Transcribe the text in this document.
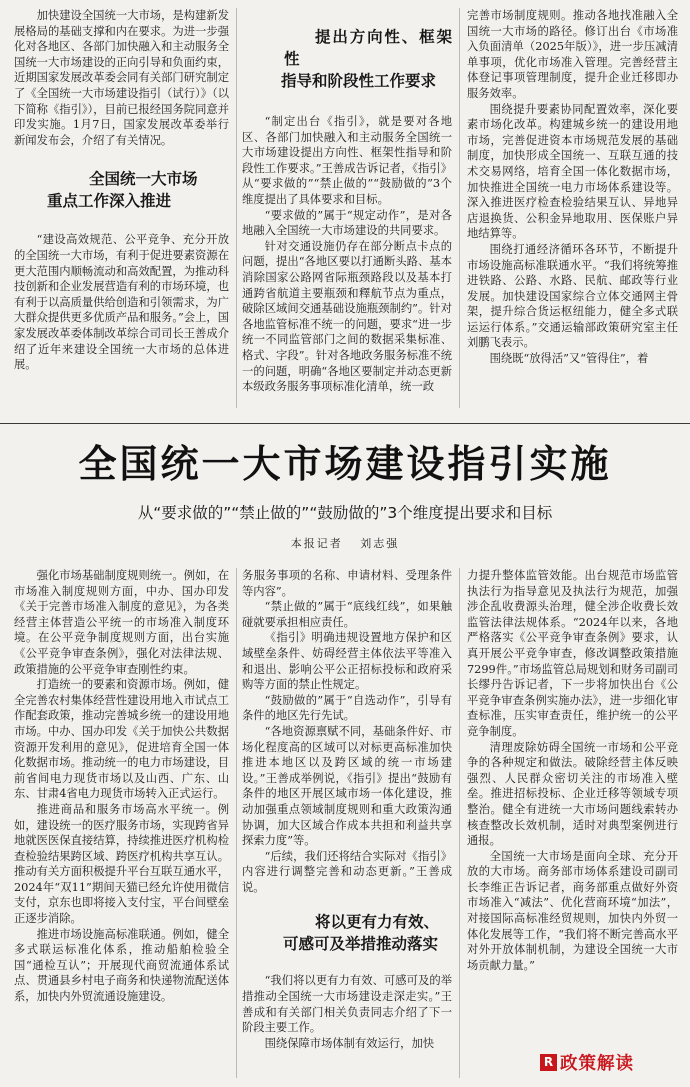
加快建设全国统一大市场，是构建新发展格局的基础支撑和内在要求。为进一步强化对各地区、各部门加快融入和主动服务全国统一大市场建设的正向引导和负面约束，近期国家发展改革委会同有关部门研究制定了《全国统一大市场建设指引（试行）》（以下简称《指引》），目前已报经国务院同意并印发实施。1月7日，国家发展改革委举行新闻发布会，介绍了有关情况。

全国统一大市场

重点工作深入推进

“建设高效规范、公平竞争、充分开放的全国统一大市场，有利于促进要素资源在更大范围内顺畅流动和高效配置，为推动科技创新和企业发展营造有利的市场环境，也有利于以高质量供给创造和引领需求，为广大群众提供更多优质产品和服务。”会上，国家发展改革委体制改革综合司司长王善成介绍了近年来建设全国统一大市场的总体进展。

提出方向性、框架性

指导和阶段性工作要求

“制定出台《指引》，就是要对各地区、各部门加快融入和主动服务全国统一大市场建设提出方向性、框架性指导和阶段性工作要求。”王善成告诉记者，《指引》从“要求做的”“禁止做的”“鼓励做的”3个维度提出了具体要求和目标。

“要求做的”属于“规定动作”，是对各地融入全国统一大市场建设的共同要求。

针对交通设施仍存在部分断点卡点的问题，提出“各地区要以打通断头路、基本消除国家公路网省际瓶颈路段以及基本打通跨省航道主要瓶颈和釋航节点为重点，破除区域间交通基础设施瓶颈制约”。针对各地监管标准不统一的问题，要求“进一步统一不同监管部门之间的数据采集标准、格式、字段”。针对各地政务服务标准不统一的问题，明确“各地区要制定并动态更新本级政务服务事项标准化清单，统一政

完善市场制度规则。推动各地找准融入全国统一大市场的路径。修订出台《市场准入负面清单（2025年版）》，进一步压减清单事项，优化市场准入管理。完善经营主体登记事项管理制度，提升企业迁移即办服务效率。

围绕提升要素协同配置效率，深化要素市场化改革。构建城乡统一的建设用地市场，完善促进资本市场规范发展的基础制度，加快形成全国统一、互联互通的技术交易网络，培育全国一体化数据市场，加快推进全国统一电力市场体系建设等。深入推进医疗检查检验结果互认、异地异店退换货、公积金异地取用、医保账户异地结算等。

围绕打通经济循环各环节，不断提升市场设施高标准联通水平。“我们将统筹推进铁路、公路、水路、民航、邮政等行业发展。加快建设国家综合立体交通网主骨架，提升综合货运枢纽能力，健全多式联运运行体系。”交通运输部政策研究室主任刘鹏飞表示。

围绕既“放得活”又“管得住”，着

全国统一大市场建设指引实施
从“要求做的”“禁止做的”“鼓励做的”3个维度提出要求和目标
本报记者 刘志强

强化市场基础制度规则统一。例如，在市场准入制度规则方面，中办、国办印发《关于完善市场准入制度的意见》，为各类经营主体营造公平统一的市场准入制度环境。在公平竞争制度规则方面，出台实施《公平竞争审查条例》，强化对法律法规、政策措施的公平竞争审查刚性约束。

打造统一的要素和资源市场。例如，健全完善农村集体经营性建设用地入市试点工作配套政策，推动完善城乡统一的建设用地市场。中办、国办印发《关于加快公共数据资源开发利用的意见》，促进培育全国一体化数据市场。推动统一的电力市场建设，目前省间电力现货市场以及山西、广东、山东、甘肃4省电力现货市场转入正式运行。

推进商品和服务市场高水平统一。例如，建设统一的医疗服务市场，实现跨省异地就医医保直接结算，持续推进医疗机构检查检验结果跨区域、跨医疗机构共享互认。推动有关方面积极提升平台互联互通水平，2024年“双11”期间天猫已经允许使用微信支付，京东也即将接入支付宝，平台间壁垒正逐步消除。

推进市场设施高标准联通。例如，健全多式联运标准化体系，推动船舶检验全国“通检互认”；开展现代商贸流通体系试点、贯通县乡村电子商务和快递物流配送体系，加快内外贸流通设施建设。

务服务事项的名称、申请材料、受理条件等内容”。

“禁止做的”属于“底线红线”，如果触碰就要承担相应责任。

《指引》明确违规设置地方保护和区域壁垒条件、妨碍经营主体依法平等准入和退出、影响公平公正招标投标和政府采购等方面的禁止性规定。

“鼓励做的”属于“自选动作”，引导有条件的地区先行先试。

“各地资源禀赋不同，基础条件好、市场化程度高的区域可以对标更高标准加快推进本地区以及跨区域的统一市场建设。”王善成举例说，《指引》提出“鼓励有条件的地区开展区域市场一体化建设，推动加强重点领域制度规则和重大政策沟通协调，加大区域合作成本共担和利益共享探索力度”等。

“后续，我们还将结合实际对《指引》内容进行调整完善和动态更新。”王善成说。

将以更有力有效、

可感可及举措推动落实

“我们将以更有力有效、可感可及的举措推动全国统一大市场建设走深走实。”王善成和有关部门相关负责同志介绍了下一阶段主要工作。

围绕保障市场体制有效运行，加快

力提升整体监管效能。出台规范市场监管执法行为指导意见及执法行为规范，加强涉企乱收费源头治理，健全涉企收费长效监管法律法规体系。“2024年以来，各地严格落实《公平竞争审查条例》要求，认真开展公平竞争审查，修改调整政策措施7299件。”市场监管总局规划和财务司副司长缪丹告诉记者，下一步将加快出台《公平竞争审查条例实施办法》，进一步细化审查标准，压实审查责任，维护统一的公平竞争制度。

清理废除妨碍全国统一市场和公平竞争的各种规定和做法。破除经营主体反映强烈、人民群众密切关注的市场准入壁垒。推进招标投标、企业迁移等领域专项整治。健全有进统一大市场问题线索转办核查整改长效机制，适时对典型案例进行通报。

全国统一大市场是面向全球、充分开放的大市场。商务部市场体系建设司副司长李维正告诉记者，商务部重点做好外资市场准入“减法”、优化营商环境“加法”，对接国际高标准经贸规则，加快内外贸一体化发展等工作，“我们将不断完善高水平对外开放体制机制，为建设全国统一大市场贡献力量。”

R 政策解读
